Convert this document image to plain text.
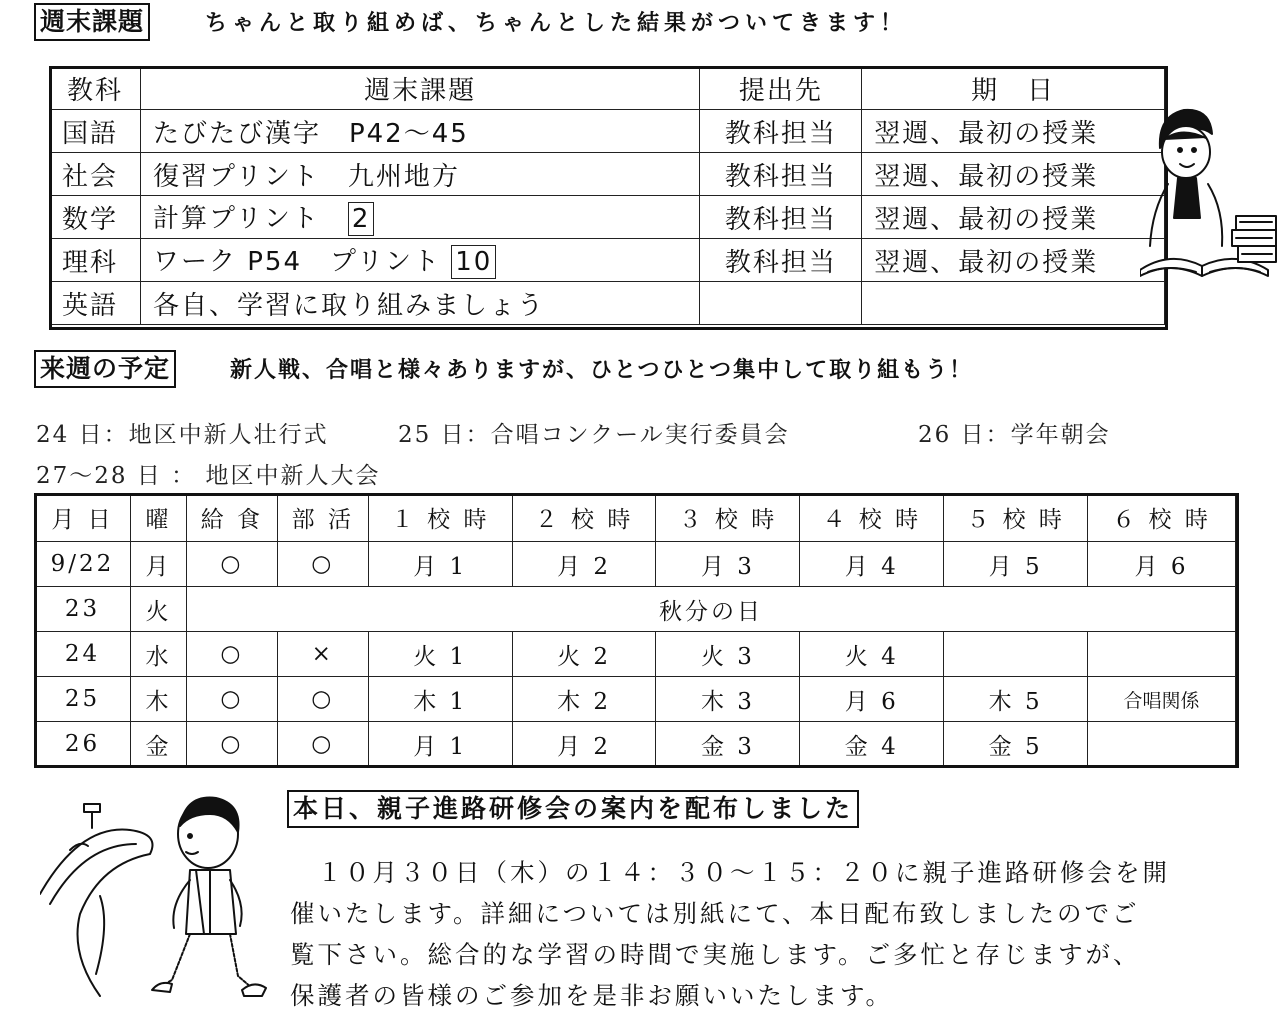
週末課題	ちゃんと取り組めば、ちゃんとした結果がついてきます！
教科	週末課題	提出先	期　日
国語	たびたび漢字　P42～45	教科担当	翌週、最初の授業
社会	復習プリント　九州地方	教科担当	翌週、最初の授業
数学	計算プリント　2	教科担当	翌週、最初の授業
理科	ワーク P54　プリント 10	教科担当	翌週、最初の授業
英語	各自、学習に取り組みましょう		
来週の予定	新人戦、合唱と様々ありますが、ひとつひとつ集中して取り組もう！
24 日：地区中新人壮行式	25 日：合唱コンクール実行委員会	26 日：学年朝会
27～28 日 ： 地区中新人大会
月 日	曜	給 食	部 活	１ 校 時	２ 校 時	３ 校 時	４ 校 時	５ 校 時	６ 校 時
9/22	月	○	○	月 1	月 2	月 3	月 4	月 5	月 6
23	火	秋分の日							
24	水	○	×	火 1	火 2	火 3	火 4		
25	木	○	○	木 1	木 2	木 3	月 6	木 5	合唱関係
26	金	○	○	月 1	月 2	金 3	金 4	金 5	
本日、親子進路研修会の案内を配布しました
　１０月３０日（木）の１４：３０～１５：２０に親子進路研修会を開
催いたします。詳細については別紙にて、本日配布致しましたのでご
覧下さい。総合的な学習の時間で実施します。ご多忙と存じますが、
保護者の皆様のご参加を是非お願いいたします。
